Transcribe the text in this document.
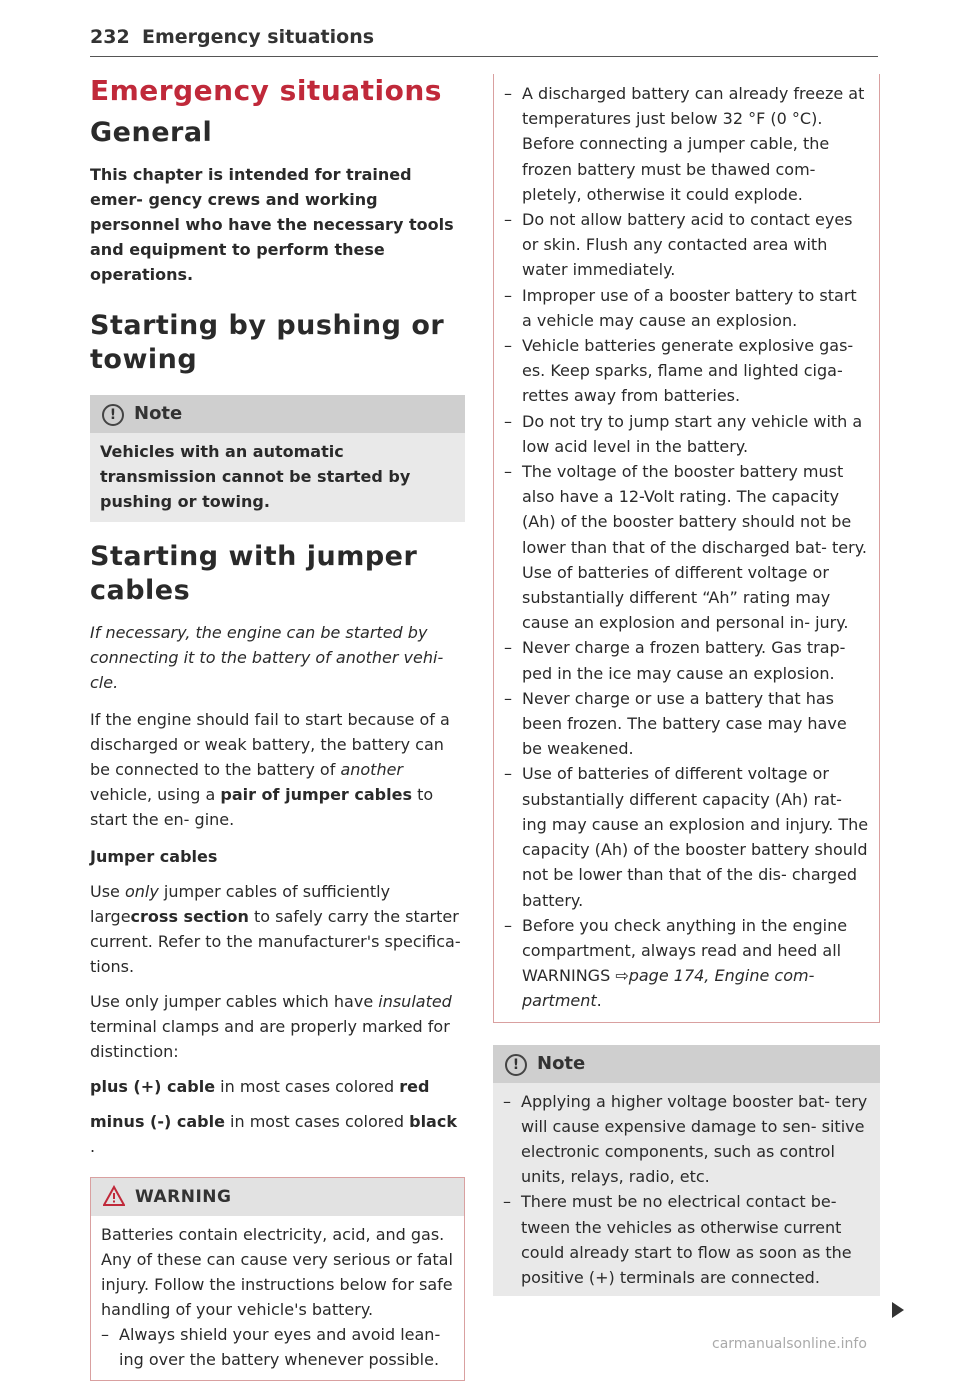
232 Emergency situations
Emergency situations
General

This chapter is intended for trained emer- gency crews and working personnel who have the necessary tools and equipment to perform these operations.

Starting by pushing or towing
! Note

Vehicles with an automatic transmission cannot be started by pushing or towing.

Starting with jumper cables

If necessary, the engine can be started by connecting it to the battery of another vehi- cle.

If the engine should fail to start because of a discharged or weak battery, the battery can be connected to the battery of another vehicle, using a pair of jumper cables to start the en- gine.

Jumper cables

Use only jumper cables of sufficiently largecross section to safely carry the starter current. Refer to the manufacturer's specifica- tions.

Use only jumper cables which have insulated terminal clamps and are properly marked for distinction:

plus (+) cable in most cases colored red

minus (-) cable in most cases colored black .

WARNING

Batteries contain electricity, acid, and gas. Any of these can cause very serious or fatal injury. Follow the instructions below for safe handling of your vehicle's battery.

– Always shield your eyes and avoid lean- ing over the battery whenever possible.
– A discharged battery can already freeze at temperatures just below 32 °F (0 °C). Before connecting a jumper cable, the frozen battery must be thawed com- pletely, otherwise it could explode.
– Do not allow battery acid to contact eyes or skin. Flush any contacted area with water immediately.
– Improper use of a booster battery to start a vehicle may cause an explosion.
– Vehicle batteries generate explosive gas- es. Keep sparks, flame and lighted ciga- rettes away from batteries.
– Do not try to jump start any vehicle with a low acid level in the battery.
– The voltage of the booster battery must also have a 12-Volt rating. The capacity (Ah) of the booster battery should not be lower than that of the discharged bat- tery. Use of batteries of different voltage or substantially different “Ah” rating may cause an explosion and personal in- jury.
– Never charge a frozen battery. Gas trap- ped in the ice may cause an explosion.
– Never charge or use a battery that has been frozen. The battery case may have be weakened.
– Use of batteries of different voltage or substantially different capacity (Ah) rat- ing may cause an explosion and injury. The capacity (Ah) of the booster battery should not be lower than that of the dis- charged battery.
– Before you check anything in the engine compartment, always read and heed all WARNINGS ⇨page 174, Engine com- partment.
! Note
– Applying a higher voltage booster bat- tery will cause expensive damage to sen- sitive electronic components, such as control units, relays, radio, etc.
– There must be no electrical contact be- tween the vehicles as otherwise current could already start to flow as soon as the positive (+) terminals are connected.
carmanualsonline.info
